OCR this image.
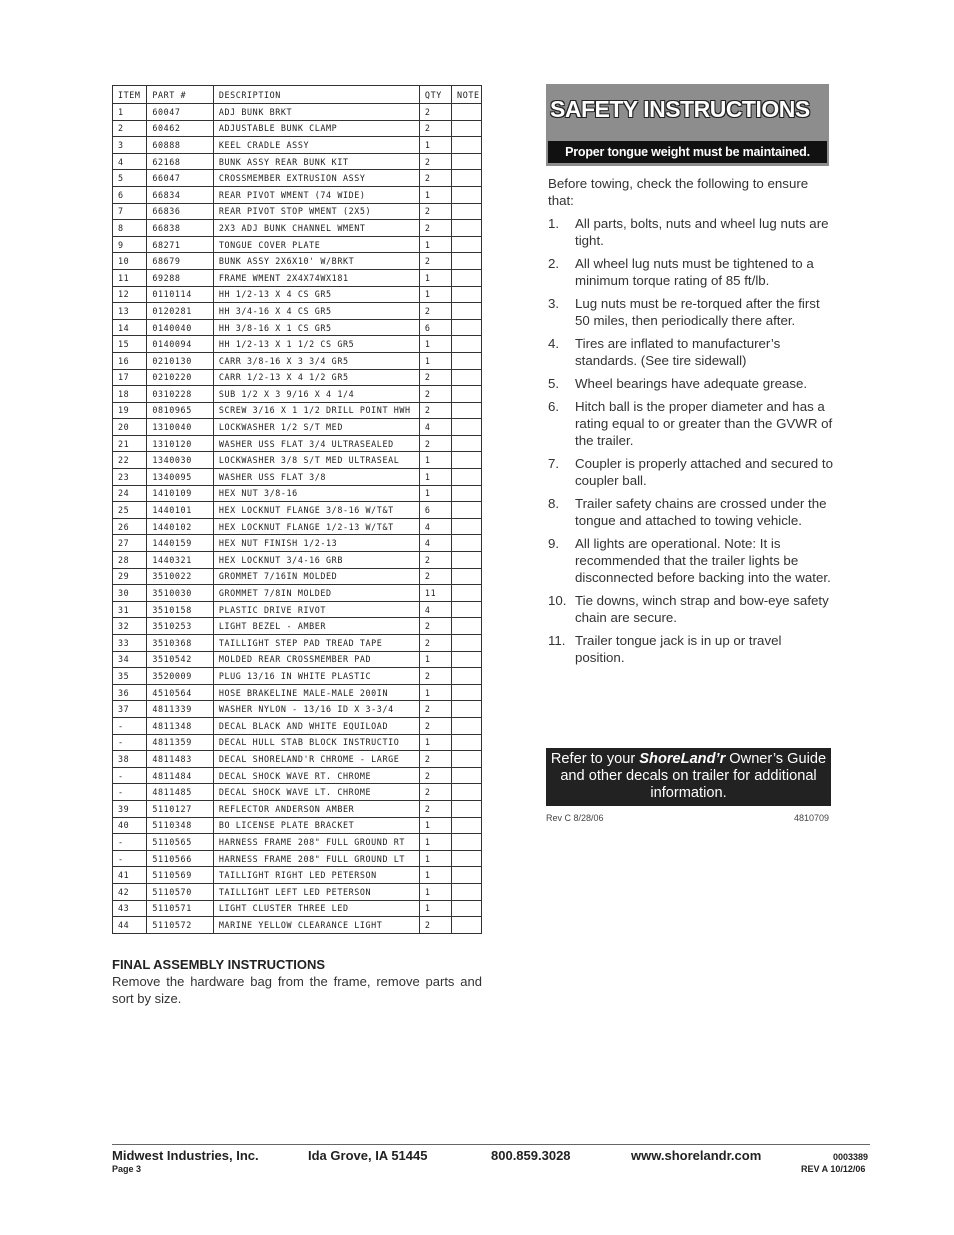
ITEM	PART #	DESCRIPTION	QTY	NOTE
1	60047	ADJ BUNK BRKT	2	
2	60462	ADJUSTABLE BUNK CLAMP	2	
3	60888	KEEL CRADLE ASSY	1	
4	62168	BUNK ASSY REAR BUNK KIT	2	
5	66047	CROSSMEMBER EXTRUSION ASSY	2	
6	66834	REAR PIVOT WMENT (74 WIDE)	1	
7	66836	REAR PIVOT STOP WMENT (2X5)	2	
8	66838	2X3 ADJ BUNK CHANNEL WMENT	2	
9	68271	TONGUE COVER PLATE	1	
10	68679	BUNK ASSY 2X6X10' W/BRKT	2	
11	69288	FRAME WMENT 2X4X74WX181	1	
12	0110114	HH 1/2-13 X 4 CS GR5	1	
13	0120281	HH 3/4-16 X 4 CS GR5	2	
14	0140040	HH 3/8-16 X 1 CS GR5	6	
15	0140094	HH 1/2-13 X 1 1/2 CS GR5	1	
16	0210130	CARR 3/8-16 X 3 3/4 GR5	1	
17	0210220	CARR 1/2-13 X 4 1/2 GR5	2	
18	0310228	SUB 1/2 X 3 9/16 X 4 1/4	2	
19	0810965	SCREW 3/16 X 1 1/2 DRILL POINT HWH	2	
20	1310040	LOCKWASHER 1/2 S/T MED	4	
21	1310120	WASHER USS FLAT 3/4 ULTRASEALED	2	
22	1340030	LOCKWASHER 3/8 S/T MED ULTRASEAL	1	
23	1340095	WASHER USS FLAT 3/8	1	
24	1410109	HEX NUT 3/8-16	1	
25	1440101	HEX LOCKNUT FLANGE 3/8-16 W/T&T	6	
26	1440102	HEX LOCKNUT FLANGE 1/2-13 W/T&T	4	
27	1440159	HEX NUT FINISH 1/2-13	4	
28	1440321	HEX LOCKNUT 3/4-16 GRB	2	
29	3510022	GROMMET 7/16IN MOLDED	2	
30	3510030	GROMMET 7/8IN MOLDED	11	
31	3510158	PLASTIC DRIVE RIVOT	4	
32	3510253	LIGHT BEZEL - AMBER	2	
33	3510368	TAILLIGHT STEP PAD TREAD TAPE	2	
34	3510542	MOLDED REAR CROSSMEMBER PAD	1	
35	3520009	PLUG 13/16 IN WHITE PLASTIC	2	
36	4510564	HOSE BRAKELINE MALE-MALE 200IN	1	
37	4811339	WASHER NYLON - 13/16 ID X 3-3/4	2	
-	4811348	DECAL BLACK AND WHITE EQUILOAD	2	
-	4811359	DECAL HULL STAB BLOCK INSTRUCTIO	1	
38	4811483	DECAL SHORELAND'R CHROME - LARGE	2	
-	4811484	DECAL SHOCK WAVE RT. CHROME	2	
-	4811485	DECAL SHOCK WAVE LT. CHROME	2	
39	5110127	REFLECTOR ANDERSON AMBER	2	
40	5110348	BO LICENSE PLATE BRACKET	1	
-	5110565	HARNESS FRAME 208" FULL GROUND RT	1	
-	5110566	HARNESS FRAME 208" FULL GROUND LT	1	
41	5110569	TAILLIGHT RIGHT LED PETERSON	1	
42	5110570	TAILLIGHT LEFT LED PETERSON	1	
43	5110571	LIGHT CLUSTER THREE LED	1	
44	5110572	MARINE YELLOW CLEARANCE LIGHT	2	
FINAL ASSEMBLY INSTRUCTIONS
Remove the hardware bag from the frame, remove parts and sort by size.
SAFETY INSTRUCTIONS
Proper tongue weight must be maintained.
Before towing, check the following to ensure that:
1. All parts, bolts, nuts and wheel lug nuts are tight.
2. All wheel lug nuts must be tightened to a minimum torque rating of 85 ft/lb.
3. Lug nuts must be re-torqued after the first 50 miles, then periodically there after.
4. Tires are inflated to manufacturer’s standards. (See tire sidewall)
5. Wheel bearings have adequate grease.
6. Hitch ball is the proper diameter and has a rating equal to or greater than the GVWR of the trailer.
7. Coupler is properly attached and secured to coupler ball.
8. Trailer safety chains are crossed under the tongue and attached to towing vehicle.
9. All lights are operational. Note: It is recommended that the trailer lights be disconnected before backing into the water.
10. Tie downs, winch strap and bow-eye safety chain are secure.
11. Trailer tongue jack is in up or travel position.
Refer to your ShoreLand’r Owner’s Guide and other decals on trailer for additional information.
Rev C 8/28/06	4810709
Midwest Industries, Inc.	Ida Grove, IA 51445	800.859.3028	www.shorelandr.com
Page 3
0003389
REV A 10/12/06
